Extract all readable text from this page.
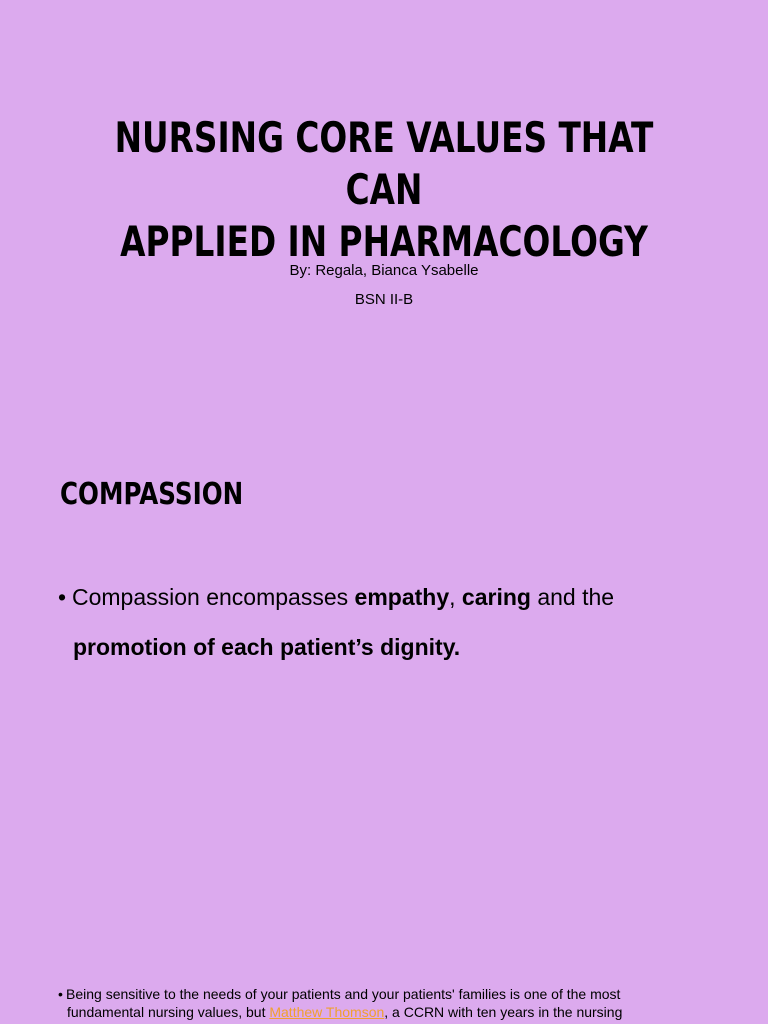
NURSING CORE VALUES THAT CAN
APPLIED IN PHARMACOLOGY
By: Regala, Bianca Ysabelle
BSN II-B
COMPASSION
• Compassion encompasses empathy, caring and the
promotion of each patient’s dignity.
• Being sensitive to the needs of your patients and your patients' families is one of the most
fundamental nursing values, but Matthew Thomson, a CCRN with ten years in the nursing
